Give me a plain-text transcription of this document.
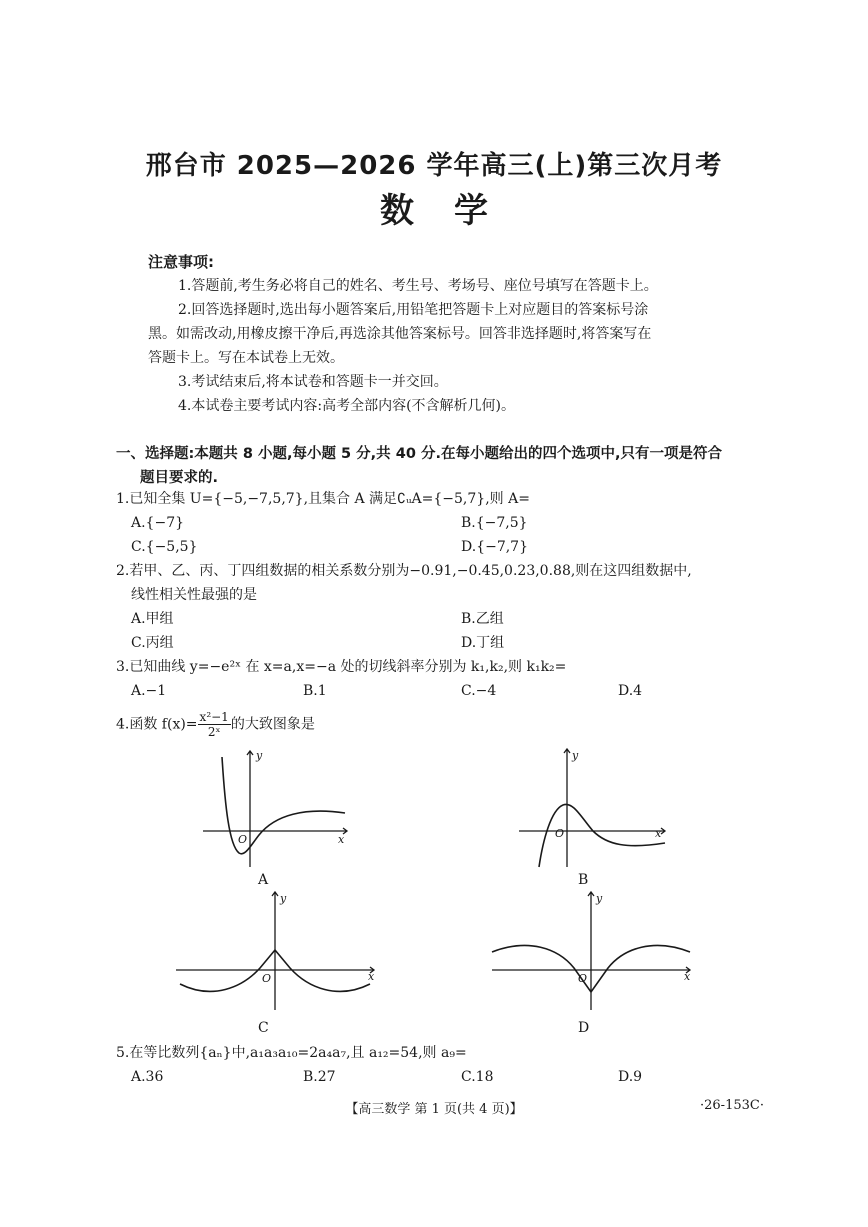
邢台市 2025—2026 学年高三(上)第三次月考
数学
注意事项:
1.答题前,考生务必将自己的姓名、考生号、考场号、座位号填写在答题卡上。
2.回答选择题时,选出每小题答案后,用铅笔把答题卡上对应题目的答案标号涂
黑。如需改动,用橡皮擦干净后,再选涂其他答案标号。回答非选择题时,将答案写在
答题卡上。写在本试卷上无效。
3.考试结束后,将本试卷和答题卡一并交回。
4.本试卷主要考试内容:高考全部内容(不含解析几何)。
一、选择题:本题共 8 小题,每小题 5 分,共 40 分.在每小题给出的四个选项中,只有一项是符合
题目要求的.
1.已知全集 U={−5,−7,5,7},且集合 A 满足∁ᵤA={−5,7},则 A=
A.{−7}	B.{−7,5}
C.{−5,5}	D.{−7,7}
2.若甲、乙、丙、丁四组数据的相关系数分别为−0.91,−0.45,0.23,0.88,则在这四组数据中,
线性相关性最强的是
A.甲组	B.乙组
C.丙组	D.丁组
3.已知曲线 y=−e²ˣ 在 x=a,x=−a 处的切线斜率分别为 k₁,k₂,则 k₁k₂=
A.−1	B.1	C.−4	D.4
4.函数 $f(x)= \frac{\text{x²−1}}{\text{2ˣ}}$ 的大致图象是
y
x
O
A
y
x
O
B
y
x
O
C
y
x
O
D
5.在等比数列{aₙ}中,a₁a₃a₁₀=2a₄a₇,且 a₁₂=54,则 a₉=
A.36	B.27	C.18	D.9
【高三数学 第 1 页(共 4 页)】	·26-153C·
